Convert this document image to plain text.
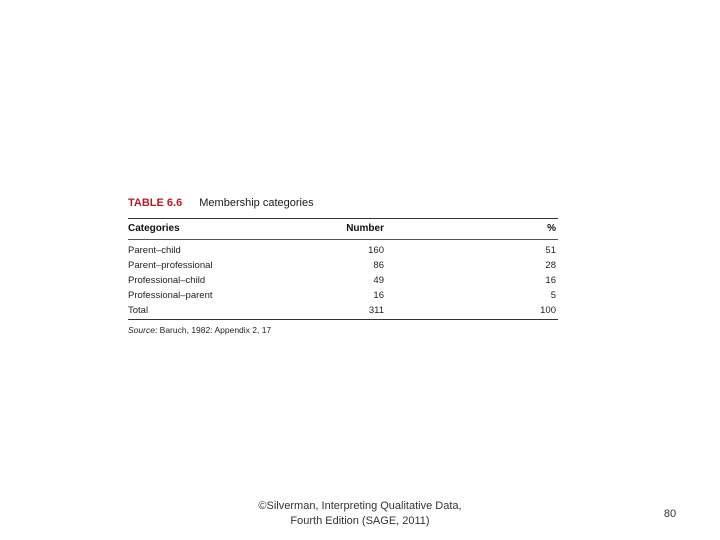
TABLE 6.6 Membership categories
Categories	Number	%
Parent–child	160	51
Parent–professional	86	28
Professional–child	49	16
Professional–parent	16	5
Total	311	100
Source: Baruch, 1982: Appendix 2, 17
©Silverman, Interpreting Qualitative Data,
Fourth Edition (SAGE, 2011)
80
